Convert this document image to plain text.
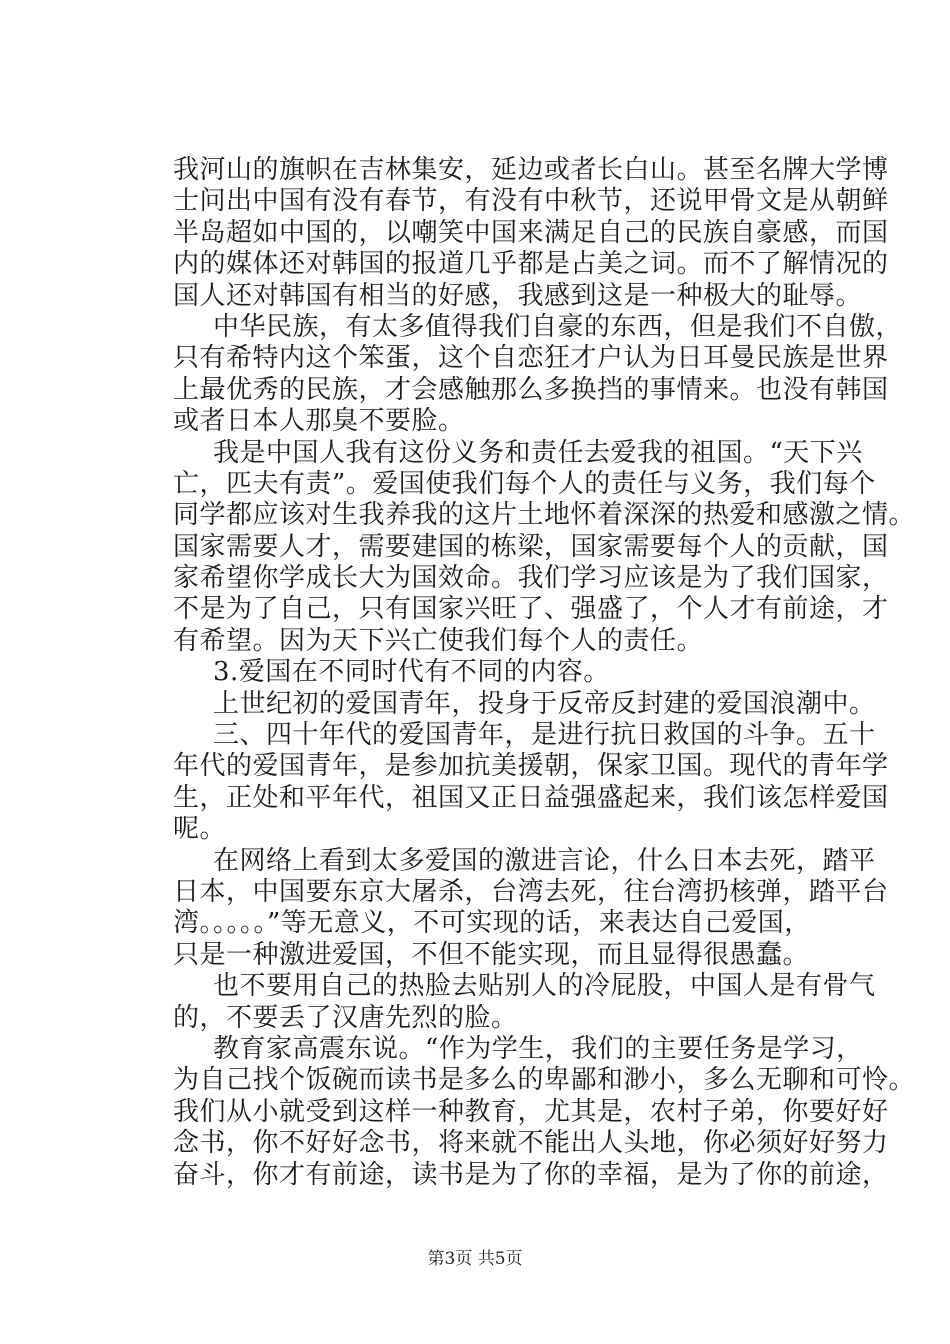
我河山的旗帜在吉林集安，延边或者长白山。甚至名牌大学博
士问出中国有没有春节，有没有中秋节，还说甲骨文是从朝鲜
半岛超如中国的，以嘲笑中国来满足自己的民族自豪感，而国
内的媒体还对韩国的报道几乎都是占美之词。而不了解情况的
国人还对韩国有相当的好感，我感到这是一种极大的耻辱。
中华民族，有太多值得我们自豪的东西，但是我们不自傲，
只有希特内这个笨蛋，这个自恋狂才户认为日耳曼民族是世界
上最优秀的民族，才会感触那么多换挡的事情来。也没有韩国
或者日本人那臭不要脸。
我是中国人我有这份义务和责任去爱我的祖国。“天下兴
亡，匹夫有责”。爱国使我们每个人的责任与义务，我们每个
同学都应该对生我养我的这片土地怀着深深的热爱和感激之情。
国家需要人才，需要建国的栋梁，国家需要每个人的贡献，国
家希望你学成长大为国效命。我们学习应该是为了我们国家，
不是为了自己，只有国家兴旺了、强盛了，个人才有前途，才
有希望。因为天下兴亡使我们每个人的责任。
3.爱国在不同时代有不同的内容。
上世纪初的爱国青年，投身于反帝反封建的爱国浪潮中。
三、四十年代的爱国青年，是进行抗日救国的斗争。五十
年代的爱国青年，是参加抗美援朝，保家卫国。现代的青年学
生，正处和平年代，祖国又正日益强盛起来，我们该怎样爱国
呢。
在网络上看到太多爱国的激进言论，什么日本去死，踏平
日本，中国要东京大屠杀，台湾去死，往台湾扔核弹，踏平台
湾。。。。。”等无意义，不可实现的话，来表达自己爱国，
只是一种激进爱国，不但不能实现，而且显得很愚蠢。
也不要用自己的热脸去贴别人的冷屁股，中国人是有骨气
的，不要丢了汉唐先烈的脸。
教育家高震东说。“作为学生，我们的主要任务是学习，
为自己找个饭碗而读书是多么的卑鄙和渺小，多么无聊和可怜。
我们从小就受到这样一种教育，尤其是，农村子弟，你要好好
念书，你不好好念书，将来就不能出人头地，你必须好好努力
奋斗，你才有前途，读书是为了你的幸福，是为了你的前途，
第3页 共5页
